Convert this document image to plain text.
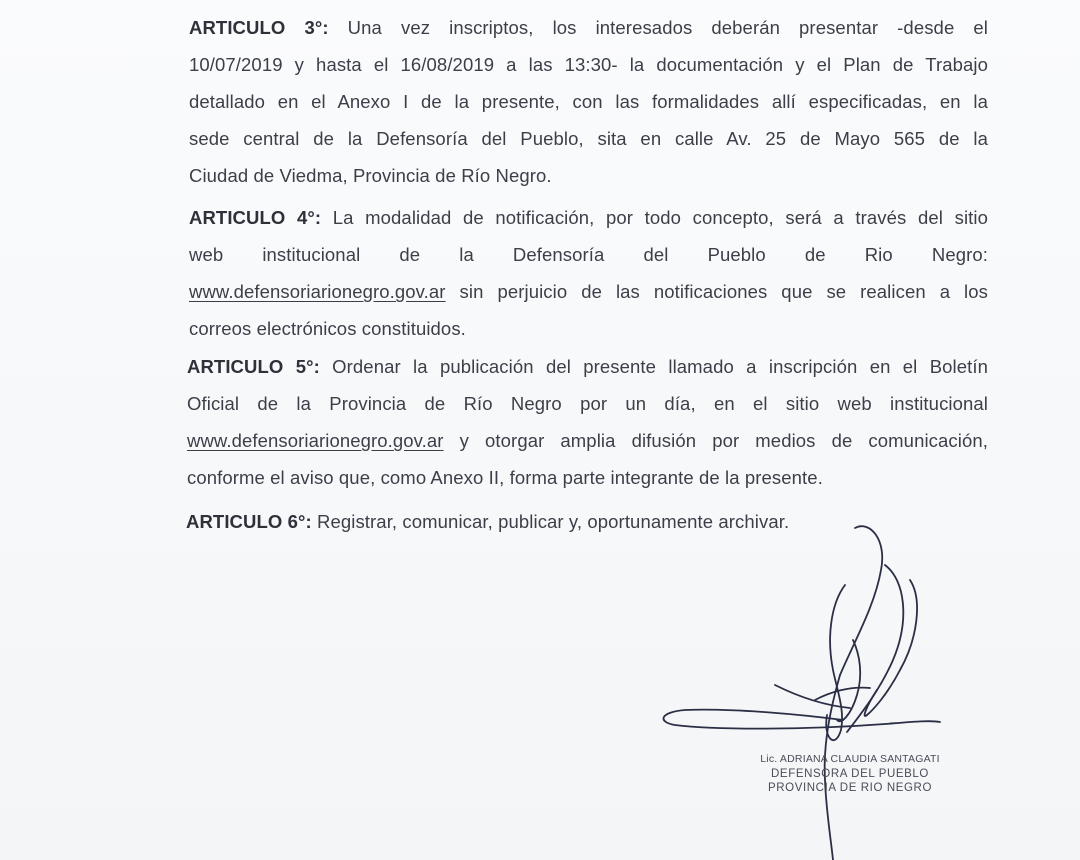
ARTICULO 3°: Una vez inscriptos, los interesados deberán presentar -desde el
10/07/2019 y hasta el 16/08/2019 a las 13:30- la documentación y el Plan de Trabajo
detallado en el Anexo I de la presente, con las formalidades allí especificadas, en la
sede central de la Defensoría del Pueblo, sita en calle Av. 25 de Mayo 565 de la
Ciudad de Viedma, Provincia de Río Negro.
ARTICULO 4°: La modalidad de notificación, por todo concepto, será a través del sitio
web institucional de la Defensoría del Pueblo de Rio Negro:
www.defensoriarionegro.gov.ar sin perjuicio de las notificaciones que se realicen a los
correos electrónicos constituidos.
ARTICULO 5°: Ordenar la publicación del presente llamado a inscripción en el Boletín
Oficial de la Provincia de Río Negro por un día, en el sitio web institucional
www.defensoriarionegro.gov.ar y otorgar amplia difusión por medios de comunicación,
conforme el aviso que, como Anexo II, forma parte integrante de la presente.
ARTICULO 6°: Registrar, comunicar, publicar y, oportunamente archivar.
Lic. ADRIANA CLAUDIA SANTAGATI
DEFENSORA DEL PUEBLO
PROVINCIA DE RIO NEGRO
